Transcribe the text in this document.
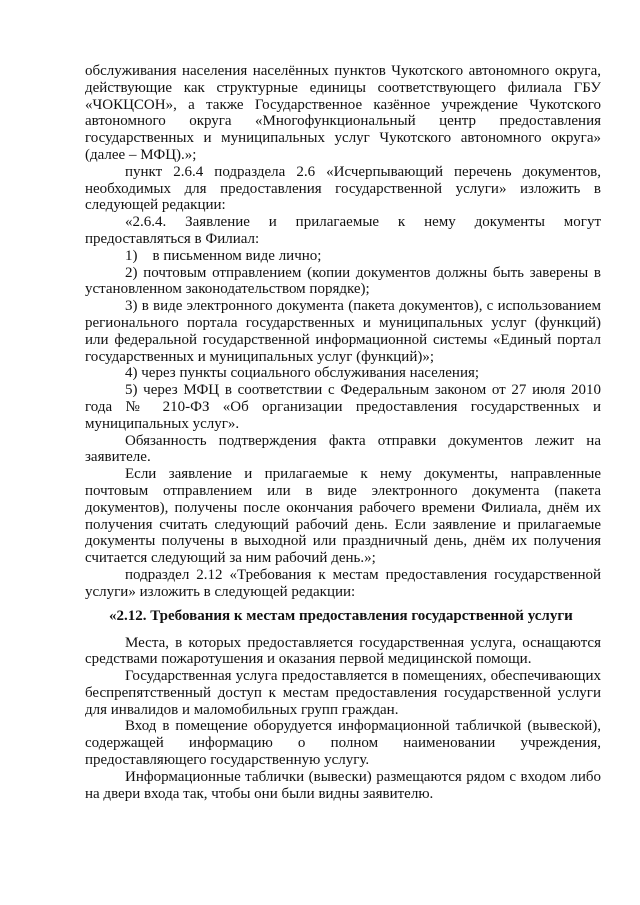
обслуживания населения населённых пунктов Чукотского автономного округа, действующие как структурные единицы соответствующего филиала ГБУ «ЧОКЦСОН», а также Государственное казённое учреждение Чукотского автономного округа «Многофункциональный центр предоставления государственных и муниципальных услуг Чукотского автономного округа» (далее – МФЦ).»;

пункт 2.6.4 подраздела 2.6 «Исчерпывающий перечень документов, необходимых для предоставления государственной услуги» изложить в следующей редакции:

«2.6.4. Заявление и прилагаемые к нему документы могут предоставляться в Филиал:

1) в письменном виде лично;

2) почтовым отправлением (копии документов должны быть заверены в установленном законодательством порядке);

3) в виде электронного документа (пакета документов), с использованием регионального портала государственных и муниципальных услуг (функций) или федеральной государственной информационной системы «Единый портал государственных и муниципальных услуг (функций)»;

4) через пункты социального обслуживания населения;

5) через МФЦ в соответствии с Федеральным законом от 27 июля 2010 года № 210-ФЗ «Об организации предоставления государственных и муниципальных услуг».

Обязанность подтверждения факта отправки документов лежит на заявителе.

Если заявление и прилагаемые к нему документы, направленные почтовым отправлением или в виде электронного документа (пакета документов), получены после окончания рабочего времени Филиала, днём их получения считать следующий рабочий день. Если заявление и прилагаемые документы получены в выходной или праздничный день, днём их получения считается следующий за ним рабочий день.»;

подраздел 2.12 «Требования к местам предоставления государственной услуги» изложить в следующей редакции:

«2.12. Требования к местам предоставления государственной услуги

Места, в которых предоставляется государственная услуга, оснащаются средствами пожаротушения и оказания первой медицинской помощи.

Государственная услуга предоставляется в помещениях, обеспечивающих беспрепятственный доступ к местам предоставления государственной услуги для инвалидов и маломобильных групп граждан.

Вход в помещение оборудуется информационной табличкой (вывеской), содержащей информацию о полном наименовании учреждения, предоставляющего государственную услугу.

Информационные таблички (вывески) размещаются рядом с входом либо на двери входа так, чтобы они были видны заявителю.
